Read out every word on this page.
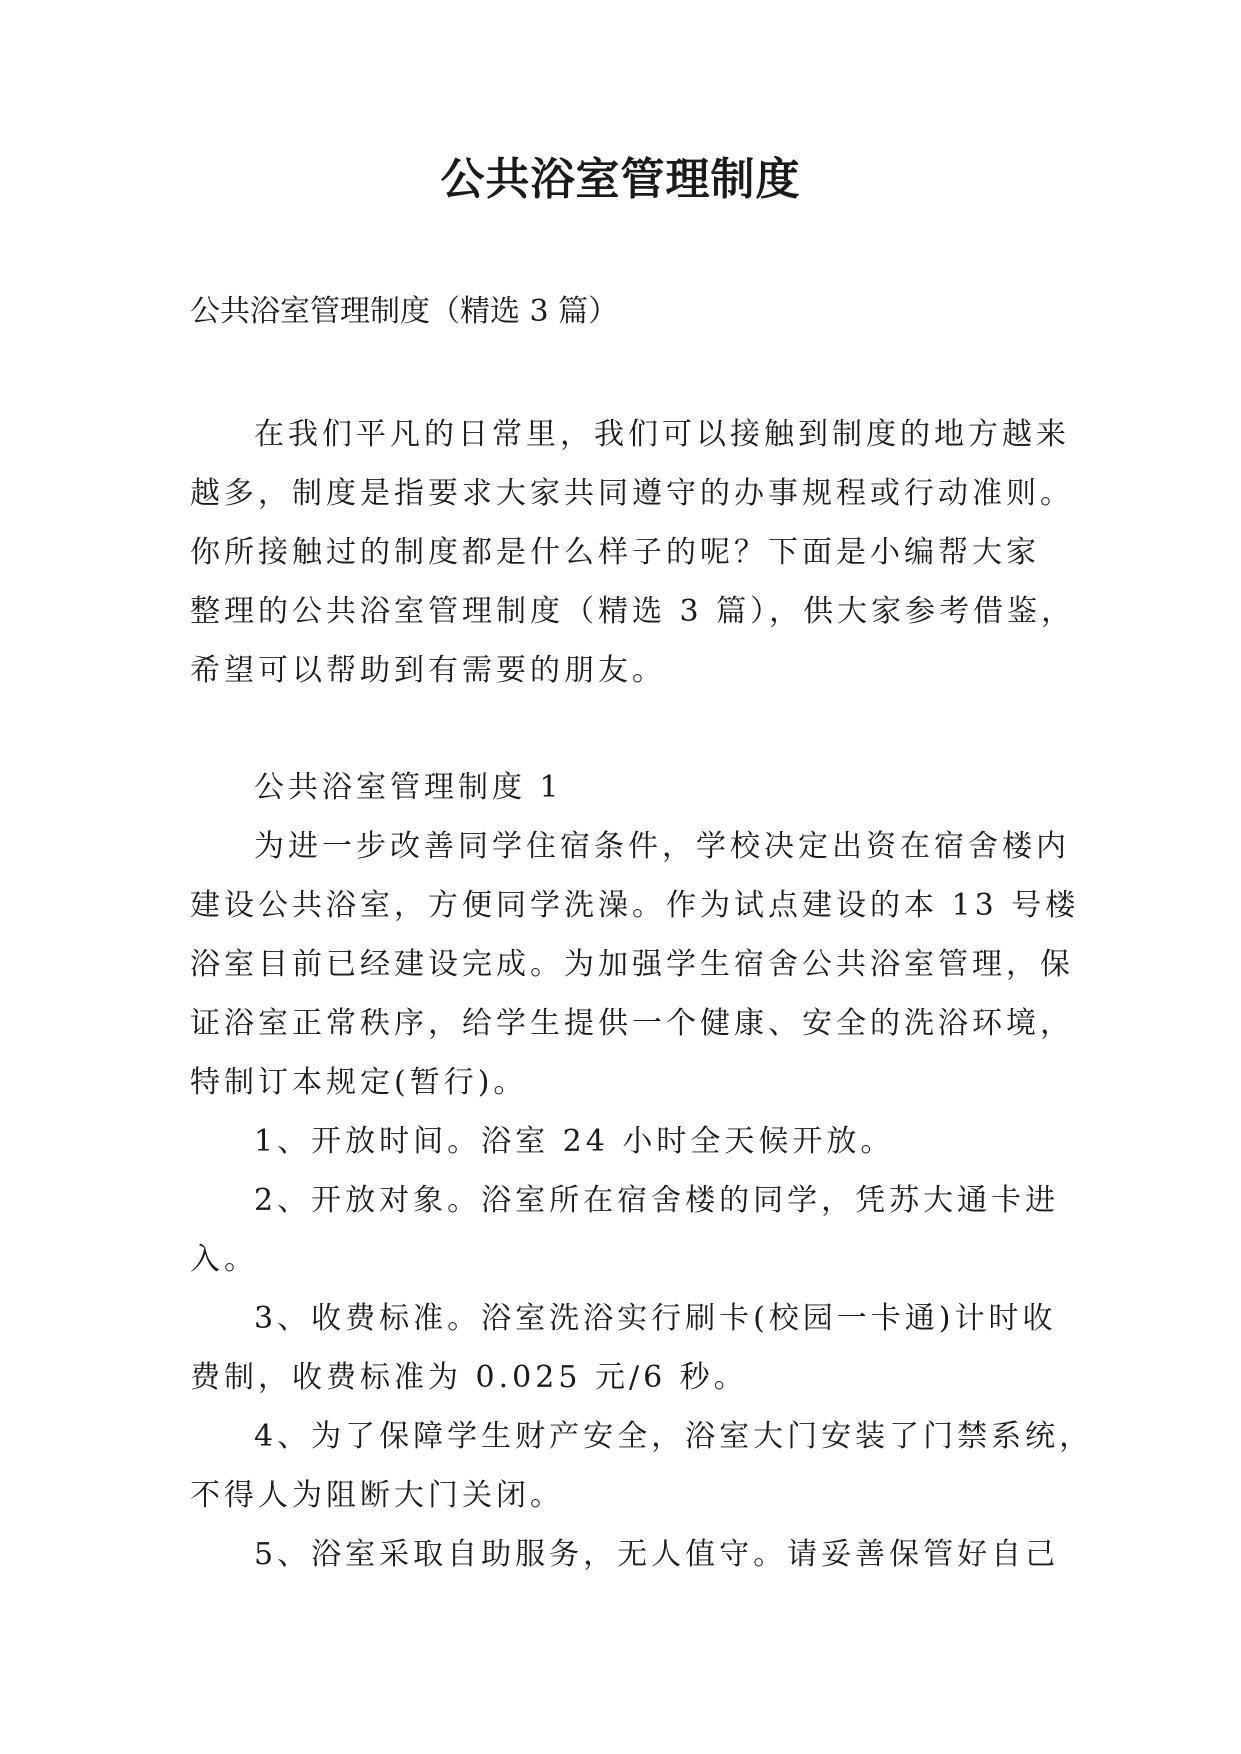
公共浴室管理制度
公共浴室管理制度（精选 3 篇）
在我们平凡的日常里，我们可以接触到制度的地方越来
越多，制度是指要求大家共同遵守的办事规程或行动准则。
你所接触过的制度都是什么样子的呢？下面是小编帮大家
整理的公共浴室管理制度（精选 3 篇），供大家参考借鉴，
希望可以帮助到有需要的朋友。
公共浴室管理制度 1
为进一步改善同学住宿条件，学校决定出资在宿舍楼内
建设公共浴室，方便同学洗澡。作为试点建设的本 13 号楼
浴室目前已经建设完成。为加强学生宿舍公共浴室管理，保
证浴室正常秩序，给学生提供一个健康、安全的洗浴环境，
特制订本规定(暂行)。
1、开放时间。浴室 24 小时全天候开放。
2、开放对象。浴室所在宿舍楼的同学，凭苏大通卡进
入。
3、收费标准。浴室洗浴实行刷卡(校园一卡通)计时收
费制，收费标准为 0.025 元/6 秒。
4、为了保障学生财产安全，浴室大门安装了门禁系统，
不得人为阻断大门关闭。
5、浴室采取自助服务，无人值守。请妥善保管好自己
